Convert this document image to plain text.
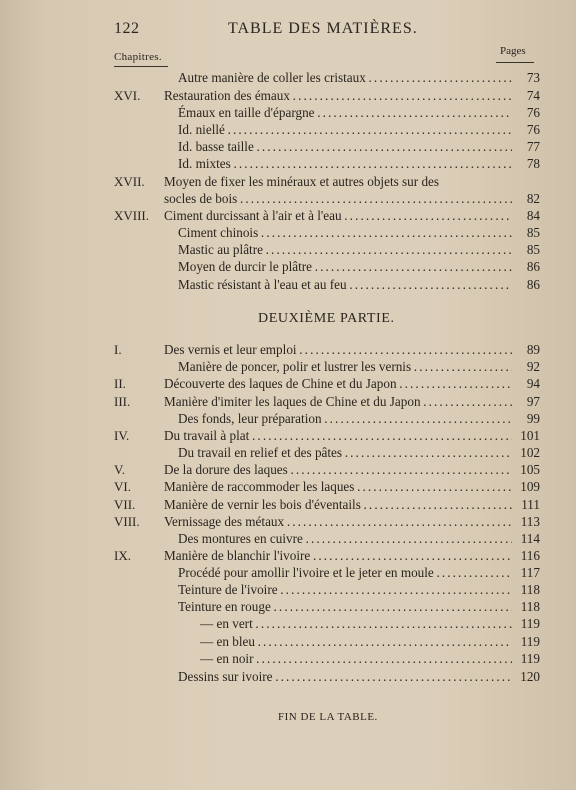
122	TABLE DES MATIÈRES.
Chapitres.	Pages
DEUXIÈME PARTIE.
Autre manière de coller les cristaux . . .	73
XVI. Restauration des émaux . . .	74
Émaux en taille d'épargne . . .	76
Id. niellé . . .	76
Id. basse taille . . .	77
Id. mixtes . . .	78
XVII. Moyen de fixer les minéraux et autres objets sur des
socles de bois . . .	82
XVIII. Ciment durcissant à l'air et à l'eau . . .	84
Ciment chinois . . .	85
Mastic au plâtre . . .	85
Moyen de durcir le plâtre . . .	86
Mastic résistant à l'eau et au feu . . .	86
I.	Des vernis et leur emploi . . .	89
Manière de poncer, polir et lustrer les vernis . . .	92
II.	Découverte des laques de Chine et du Japon . . .	94
III.	Manière d'imiter les laques de Chine et du Japon . . .	97
Des fonds, leur préparation . . .	99
IV.	Du travail à plat . . .	101
Du travail en relief et des pâtes . . .	102
V.	De la dorure des laques . . .	105
VI.	Manière de raccommoder les laques . . .	109
VII. Manière de vernir les bois d'éventails . . .	111
VIII. Vernissage des métaux . . .	113
Des montures en cuivre . . .	114
IX.	Manière de blanchir l'ivoire . . .	116
Procédé pour amollir l'ivoire et le jeter en moule . . .	117
Teinture de l'ivoire . . .	118
Teinture en rouge . . .	118
— en vert . . .	119
— en bleu . . .	119
— en noir . . .	119
Dessins sur ivoire . . .	120
FIN DE LA TABLE.
